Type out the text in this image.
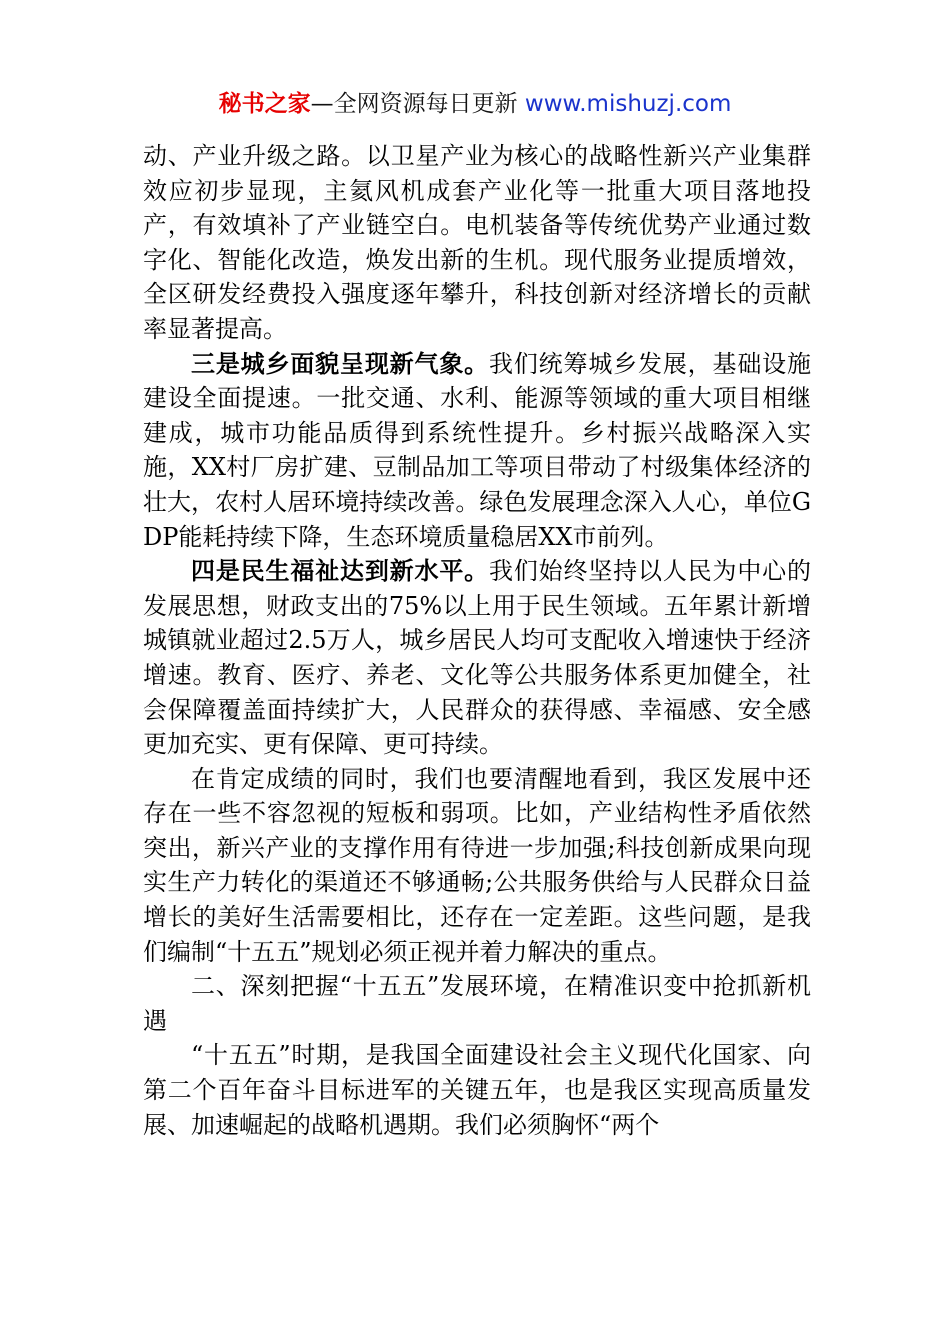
秘书之家—全网资源每日更新 www.mishuzj.com

动、产业升级之路。以卫星产业为核心的战略性新兴产业集群效应初步显现，主氦风机成套产业化等一批重大项目落地投产，有效填补了产业链空白。电机装备等传统优势产业通过数字化、智能化改造，焕发出新的生机。现代服务业提质增效，全区研发经费投入强度逐年攀升，科技创新对经济增长的贡献率显著提高。

三是城乡面貌呈现新气象。我们统筹城乡发展，基础设施建设全面提速。一批交通、水利、能源等领域的重大项目相继建成，城市功能品质得到系统性提升。乡村振兴战略深入实施，XX村厂房扩建、豆制品加工等项目带动了村级集体经济的壮大，农村人居环境持续改善。绿色发展理念深入人心，单位GDP能耗持续下降，生态环境质量稳居XX市前列。

四是民生福祉达到新水平。我们始终坚持以人民为中心的发展思想，财政支出的75%以上用于民生领域。五年累计新增城镇就业超过2.5万人，城乡居民人均可支配收入增速快于经济增速。教育、医疗、养老、文化等公共服务体系更加健全，社会保障覆盖面持续扩大，人民群众的获得感、幸福感、安全感更加充实、更有保障、更可持续。

在肯定成绩的同时，我们也要清醒地看到，我区发展中还存在一些不容忽视的短板和弱项。比如，产业结构性矛盾依然突出，新兴产业的支撑作用有待进一步加强;科技创新成果向现实生产力转化的渠道还不够通畅;公共服务供给与人民群众日益增长的美好生活需要相比，还存在一定差距。这些问题，是我们编制“十五五”规划必须正视并着力解决的重点。

二、深刻把握“十五五”发展环境，在精准识变中抢抓新机遇

“十五五”时期，是我国全面建设社会主义现代化国家、向第二个百年奋斗目标进军的关键五年，也是我区实现高质量发展、加速崛起的战略机遇期。我们必须胸怀“两个
